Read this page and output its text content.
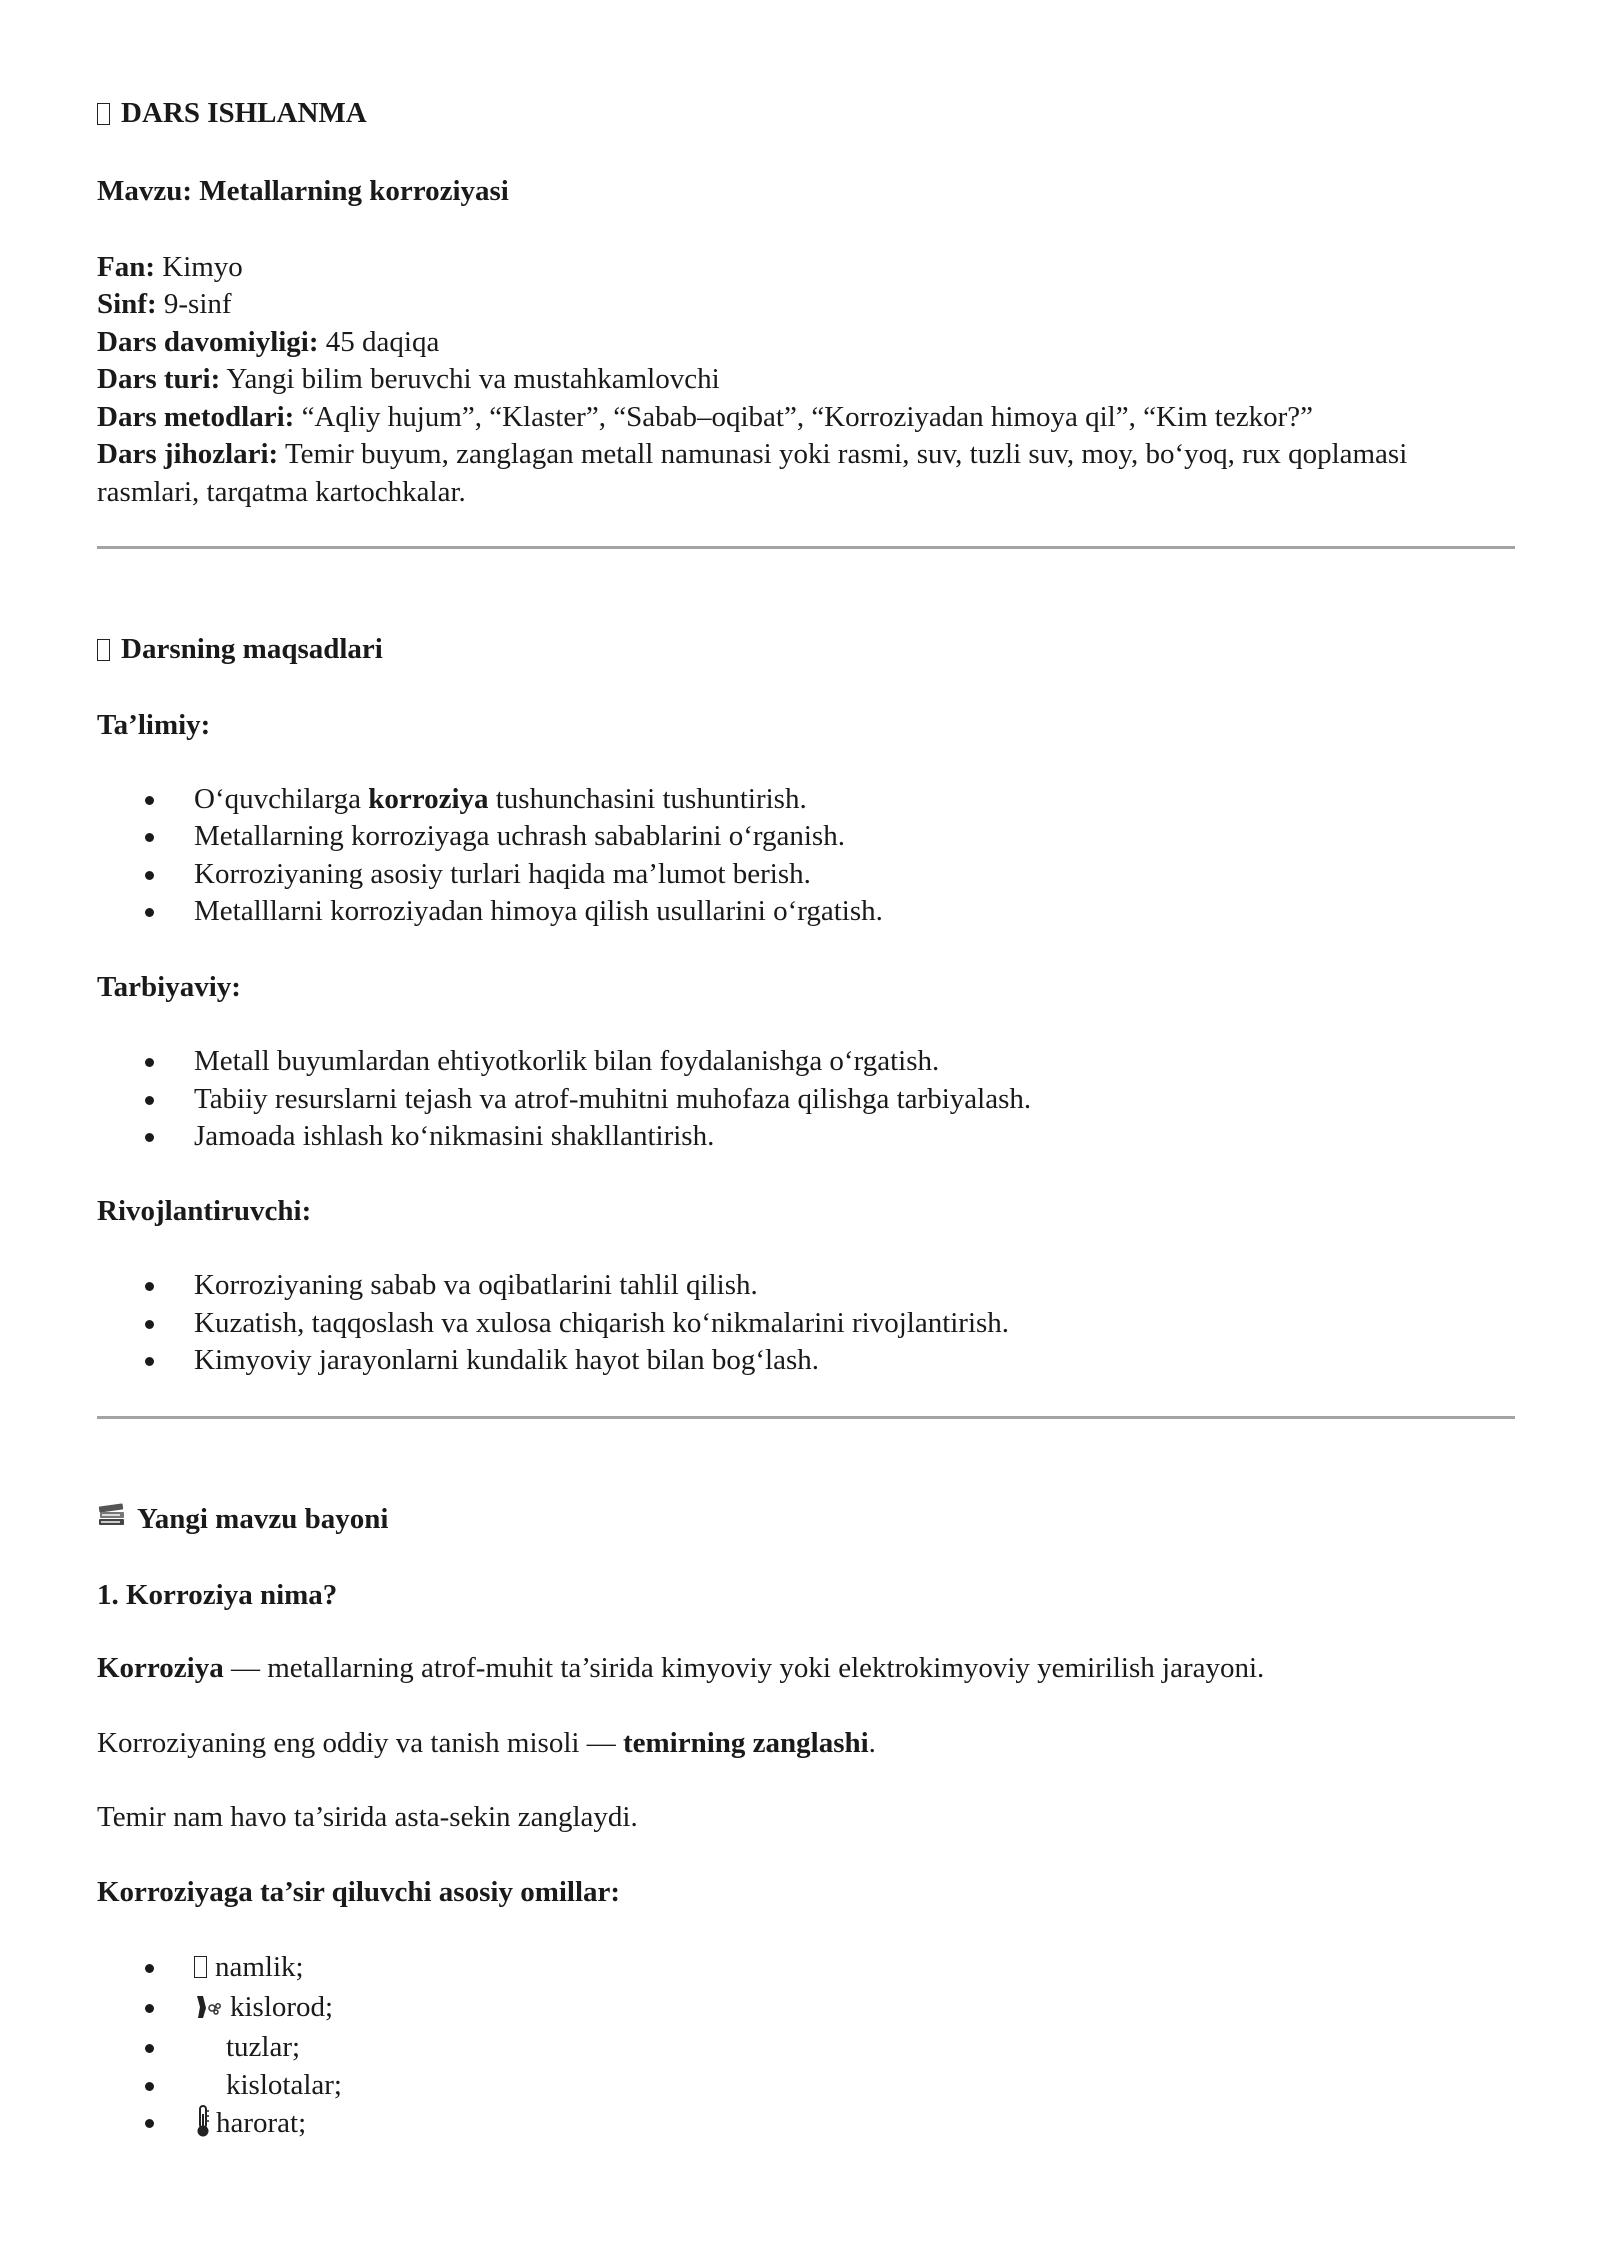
DARS ISHLANMA

Mavzu: Metallarning korroziyasi

Fan: Kimyo

Sinf: 9-sinf

Dars davomiyligi: 45 daqiqa

Dars turi: Yangi bilim beruvchi va mustahkamlovchi

Dars metodlari: “Aqliy hujum”, “Klaster”, “Sabab–oqibat”, “Korroziyadan himoya qil”, “Kim tezkor?”

Dars jihozlari: Temir buyum, zanglagan metall namunasi yoki rasmi, suv, tuzli suv, moy, bo‘yoq, rux qoplamasi rasmlari, tarqatma kartochkalar.

Darsning maqsadlari

Ta’limiy:

O‘quvchilarga korroziya tushunchasini tushuntirish.
Metallarning korroziyaga uchrash sabablarini o‘rganish.
Korroziyaning asosiy turlari haqida ma’lumot berish.
Metalllarni korroziyadan himoya qilish usullarini o‘rgatish.

Tarbiyaviy:

Metall buyumlardan ehtiyotkorlik bilan foydalanishga o‘rgatish.
Tabiiy resurslarni tejash va atrof-muhitni muhofaza qilishga tarbiyalash.
Jamoada ishlash ko‘nikmasini shakllantirish.

Rivojlantiruvchi:

Korroziyaning sabab va oqibatlarini tahlil qilish.
Kuzatish, taqqoslash va xulosa chiqarish ko‘nikmalarini rivojlantirish.
Kimyoviy jarayonlarni kundalik hayot bilan bog‘lash.
Yangi mavzu bayoni

1. Korroziya nima?

Korroziya — metallarning atrof-muhit ta’sirida kimyoviy yoki elektrokimyoviy yemirilish jarayoni.

Korroziyaning eng oddiy va tanish misoli — temirning zanglashi.

Temir nam havo ta’sirida asta-sekin zanglaydi.

Korroziyaga ta’sir qiluvchi asosiy omillar:

namlik;
kislorod;
tuzlar;
kislotalar;
harorat;
